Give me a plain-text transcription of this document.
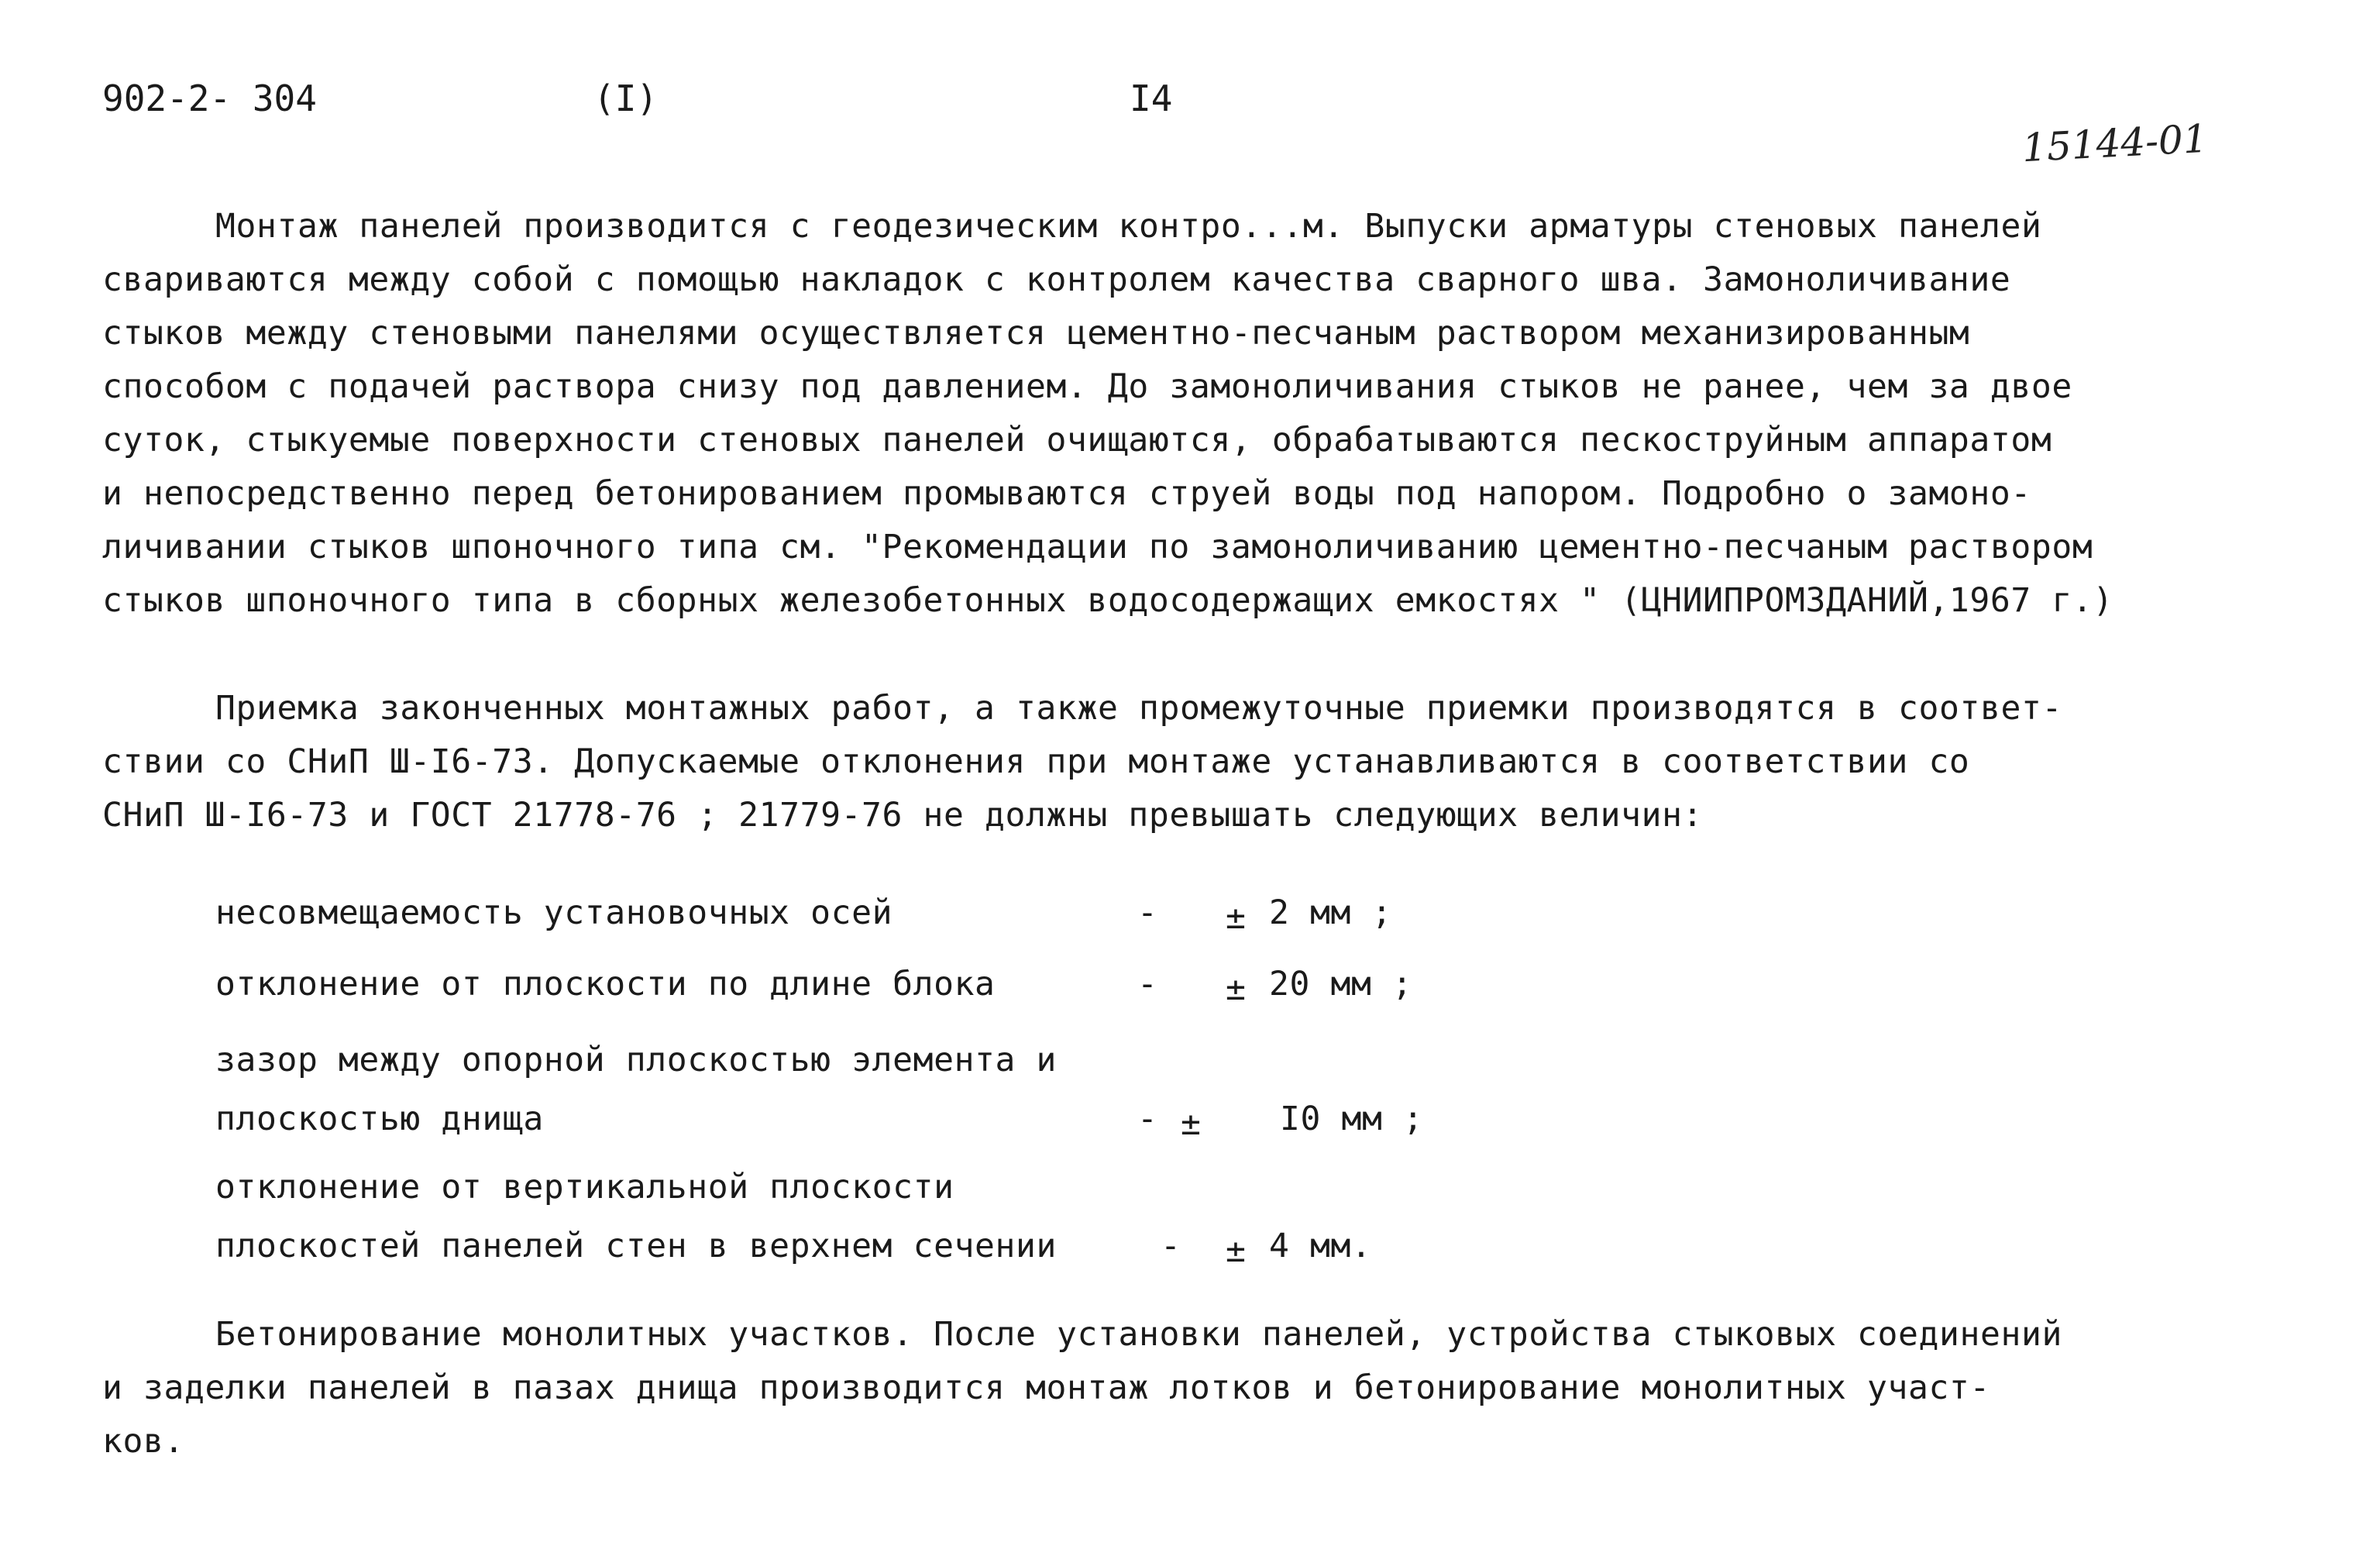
902-2- 304	(I)	I4
15144-01
Монтаж панелей производится с геодезическим контро...м. Выпуски арматуры стеновых панелей
свариваются между собой с помощью накладок с контролем качества сварного шва. Замоноличивание
стыков между стеновыми панелями осуществляется цементно-песчаным раствором механизированным
способом с подачей раствора снизу под давлением. До замоноличивания стыков не ранее, чем за двое
суток, стыкуемые поверхности стеновых панелей очищаются, обрабатываются пескоструйным аппаратом
и непосредственно перед бетонированием промываются струей воды под напором. Подробно о замоно-
личивании стыков шпоночного типа см. "Рекомендации по замоноличиванию цементно-песчаным раствором
стыков шпоночного типа в сборных железобетонных водосодержащих емкостях " (ЦНИИПРОМЗДАНИЙ,1967 г.)
Приемка законченных монтажных работ, а также промежуточные приемки производятся в соответ-
ствии со СНиП Ш-I6-73. Допускаемые отклонения при монтаже устанавливаются в соответствии со
СНиП Ш-I6-73 и ГОСТ 21778-76 ; 21779-76 не должны превышать следующих величин:
несовмещаемость установочных осей	- ± 2 мм ;
отклонение от плоскости по длине блока	- ± 20 мм ;
зазор между опорной плоскостью элемента и
плоскостью днища	- ± I0 мм ;
отклонение от вертикальной плоскости
плоскостей панелей стен в верхнем сечении	- ± 4 мм.
Бетонирование монолитных участков. После установки панелей, устройства стыковых соединений
и заделки панелей в пазах днища производится монтаж лотков и бетонирование монолитных участ-
ков.
